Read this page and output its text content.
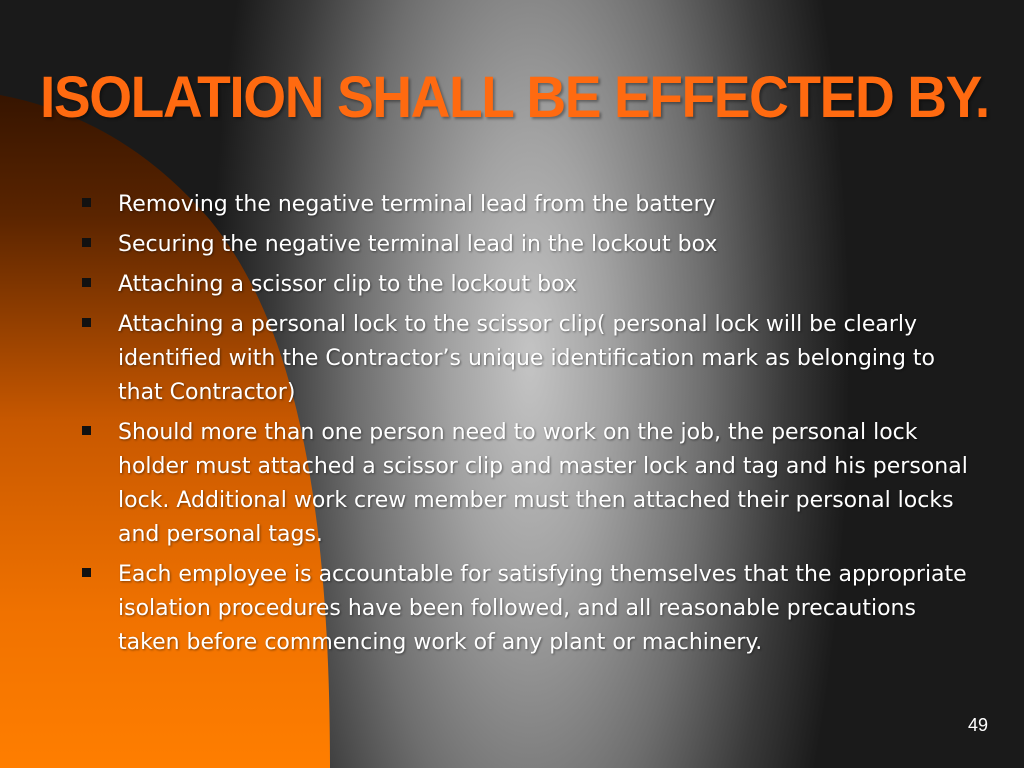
ISOLATION SHALL BE EFFECTED BY.
Removing the negative terminal lead from the battery
Securing the negative terminal lead in the lockout box
Attaching a scissor clip to the lockout box
Attaching a personal lock to the scissor clip( personal lock will be clearly identified with the Contractor’s unique identification mark as belonging to that Contractor)
Should more than one person need to work on the job, the personal lock holder must attached a scissor clip and master lock and tag and his personal lock. Additional work crew member must then attached their personal locks and personal tags.
Each employee is accountable for satisfying themselves that the appropriate isolation procedures have been followed, and all reasonable precautions taken before commencing work of any plant or machinery.
49
